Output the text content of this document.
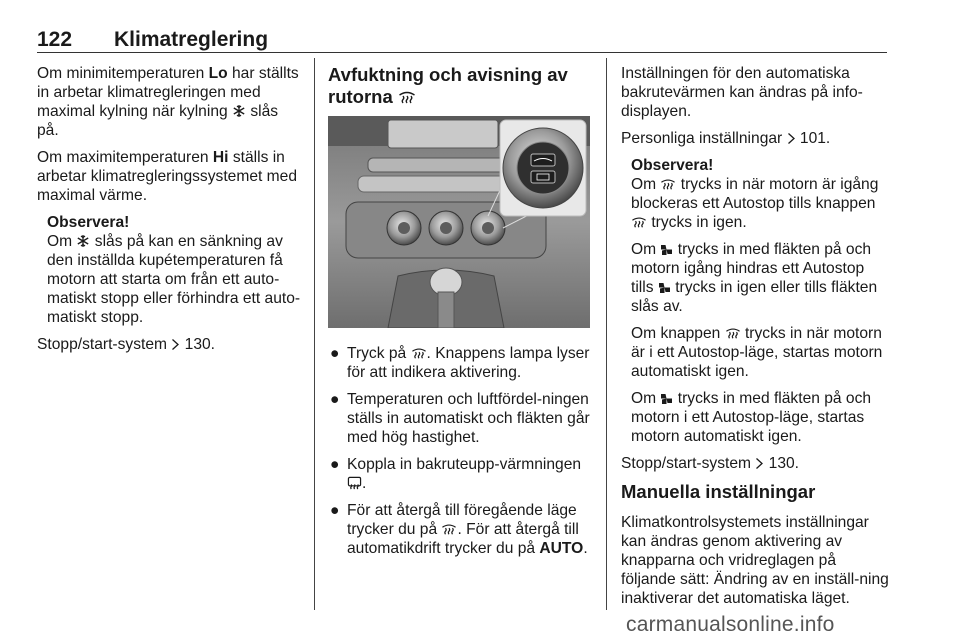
122 Klimatreglering

Om minimitemperaturen Lo har ställts in arbetar klimatregleringen med maximal kylning när kylning  slås på.

Om maximitemperaturen Hi ställs in arbetar klimatregleringssystemet med maximal värme.

Observera!

Om  slås på kan en sänkning av den inställda kupétemperaturen få motorn att starta om från ett auto-matiskt stopp eller förhindra ett auto-matiskt stopp.

Stopp/start-system  130.

Avfuktning och avisning av rutorna
● Tryck på . Knappens lampa lyser för att indikera aktivering.
● Temperaturen och luftfördel-ningen ställs in automatiskt och fläkten går med hög hastighet.
● Koppla in bakruteupp-värmningen .
● För att återgå till föregående läge trycker du på . För att återgå till automatikdrift trycker du på AUTO.

Inställningen för den automatiska bakrutevärmen kan ändras på info-displayen.

Personliga inställningar  101.

Observera!

Om  trycks in när motorn är igång blockeras ett Autostop tills knappen  trycks in igen.

Om  trycks in med fläkten på och motorn igång hindras ett Autostop tills  trycks in igen eller tills fläkten slås av.

Om knappen  trycks in när motorn är i ett Autostop-läge, startas motorn automatiskt igen.

Om  trycks in med fläkten på och motorn i ett Autostop-läge, startas motorn automatiskt igen.

Stopp/start-system  130.

Manuella inställningar

Klimatkontrolsystemets inställningar kan ändras genom aktivering av knapparna och vridreglagen på följande sätt: Ändring av en inställ-ning inaktiverar det automatiska läget.

carmanualsonline.info
